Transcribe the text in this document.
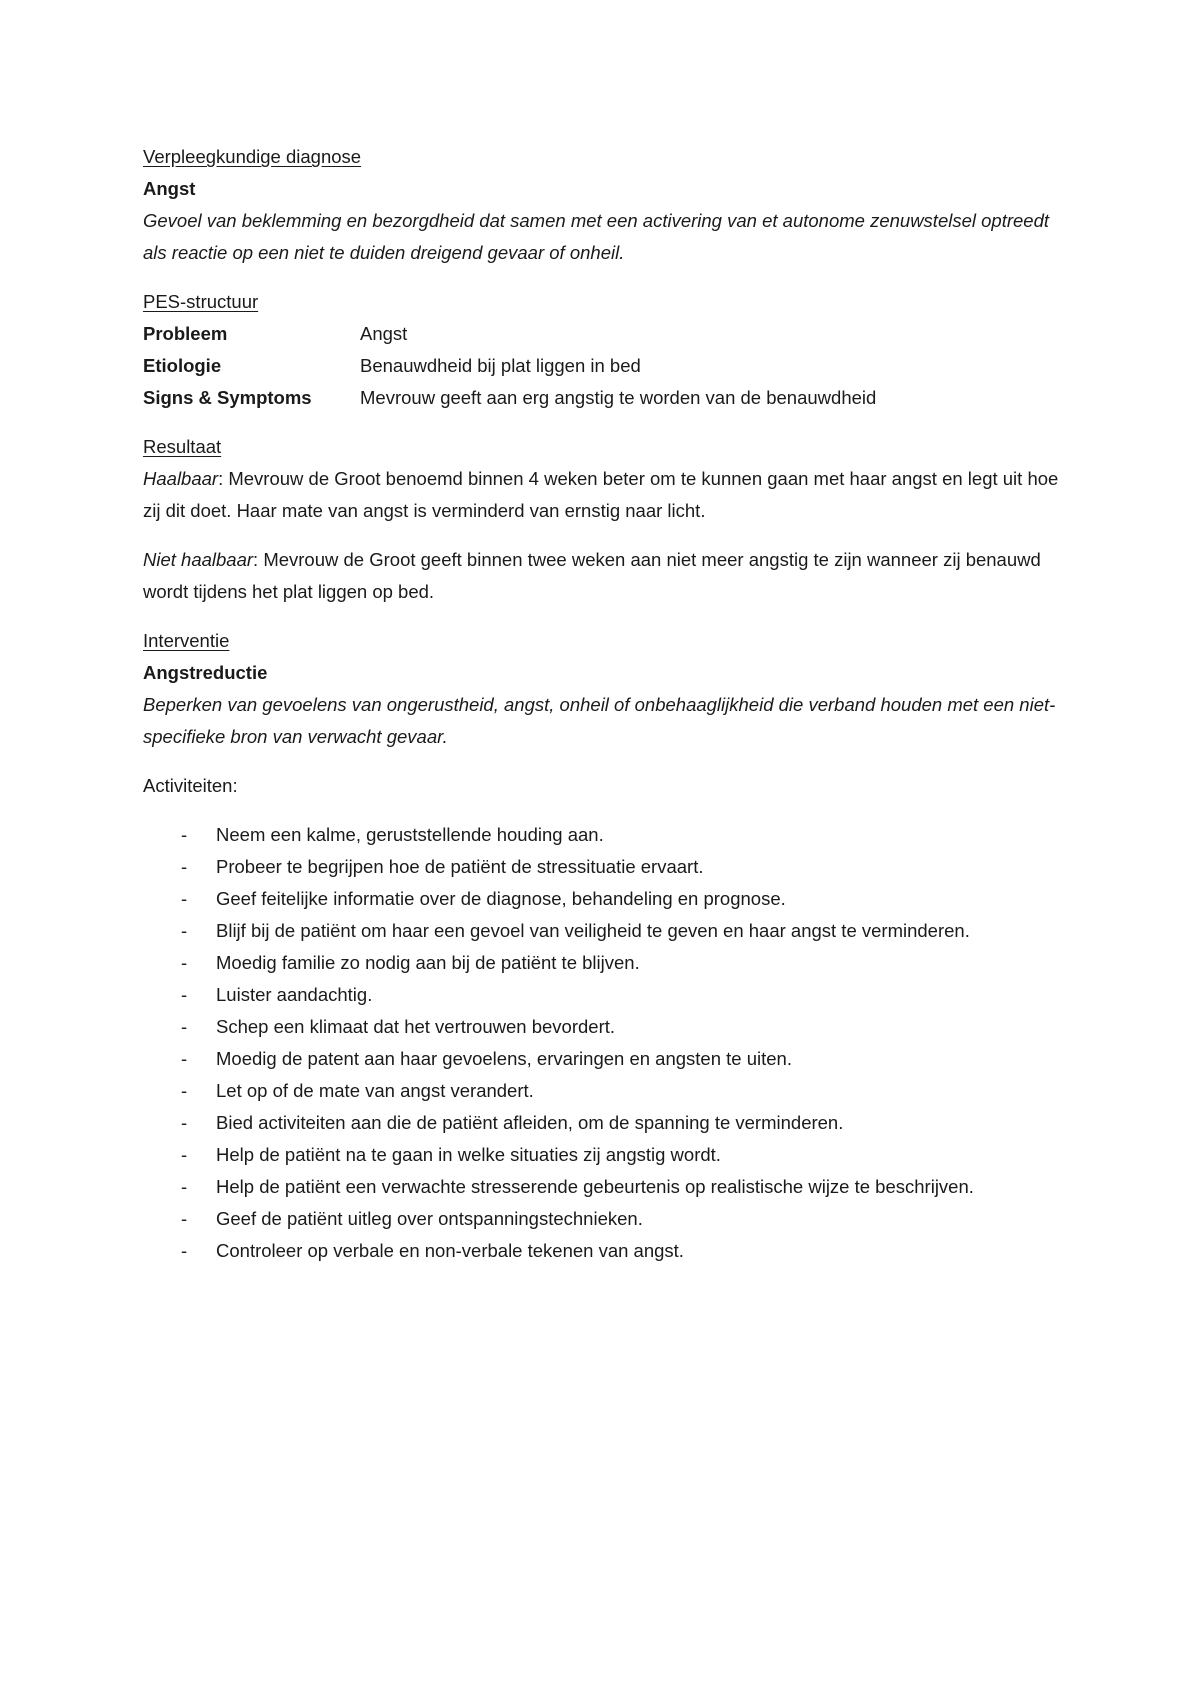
Verpleegkundige diagnose

Angst

Gevoel van beklemming en bezorgdheid dat samen met een activering van et autonome zenuwstelsel optreedt als reactie op een niet te duiden dreigend gevaar of onheil.

PES-structuur

Probleem	Angst
Etiologie	Benauwdheid bij plat liggen in bed
Signs & Symptoms	Mevrouw geeft aan erg angstig te worden van de benauwdheid

Resultaat

Haalbaar: Mevrouw de Groot benoemd binnen 4 weken beter om te kunnen gaan met haar angst en legt uit hoe zij dit doet. Haar mate van angst is verminderd van ernstig naar licht.

Niet haalbaar: Mevrouw de Groot geeft binnen twee weken aan niet meer angstig te zijn wanneer zij benauwd wordt tijdens het plat liggen op bed.

Interventie

Angstreductie

Beperken van gevoelens van ongerustheid, angst, onheil of onbehaaglijkheid die verband houden met een niet-specifieke bron van verwacht gevaar.

Activiteiten:

-	Neem een kalme, geruststellende houding aan.
-	Probeer te begrijpen hoe de patiënt de stressituatie ervaart.
-	Geef feitelijke informatie over de diagnose, behandeling en prognose.
-	Blijf bij de patiënt om haar een gevoel van veiligheid te geven en haar angst te verminderen.
-	Moedig familie zo nodig aan bij de patiënt te blijven.
-	Luister aandachtig.
-	Schep een klimaat dat het vertrouwen bevordert.
-	Moedig de patent aan haar gevoelens, ervaringen en angsten te uiten.
-	Let op of de mate van angst verandert.
-	Bied activiteiten aan die de patiënt afleiden, om de spanning te verminderen.
-	Help de patiënt na te gaan in welke situaties zij angstig wordt.
-	Help de patiënt een verwachte stresserende gebeurtenis op realistische wijze te beschrijven.
-	Geef de patiënt uitleg over ontspanningstechnieken.
-	Controleer op verbale en non-verbale tekenen van angst.
